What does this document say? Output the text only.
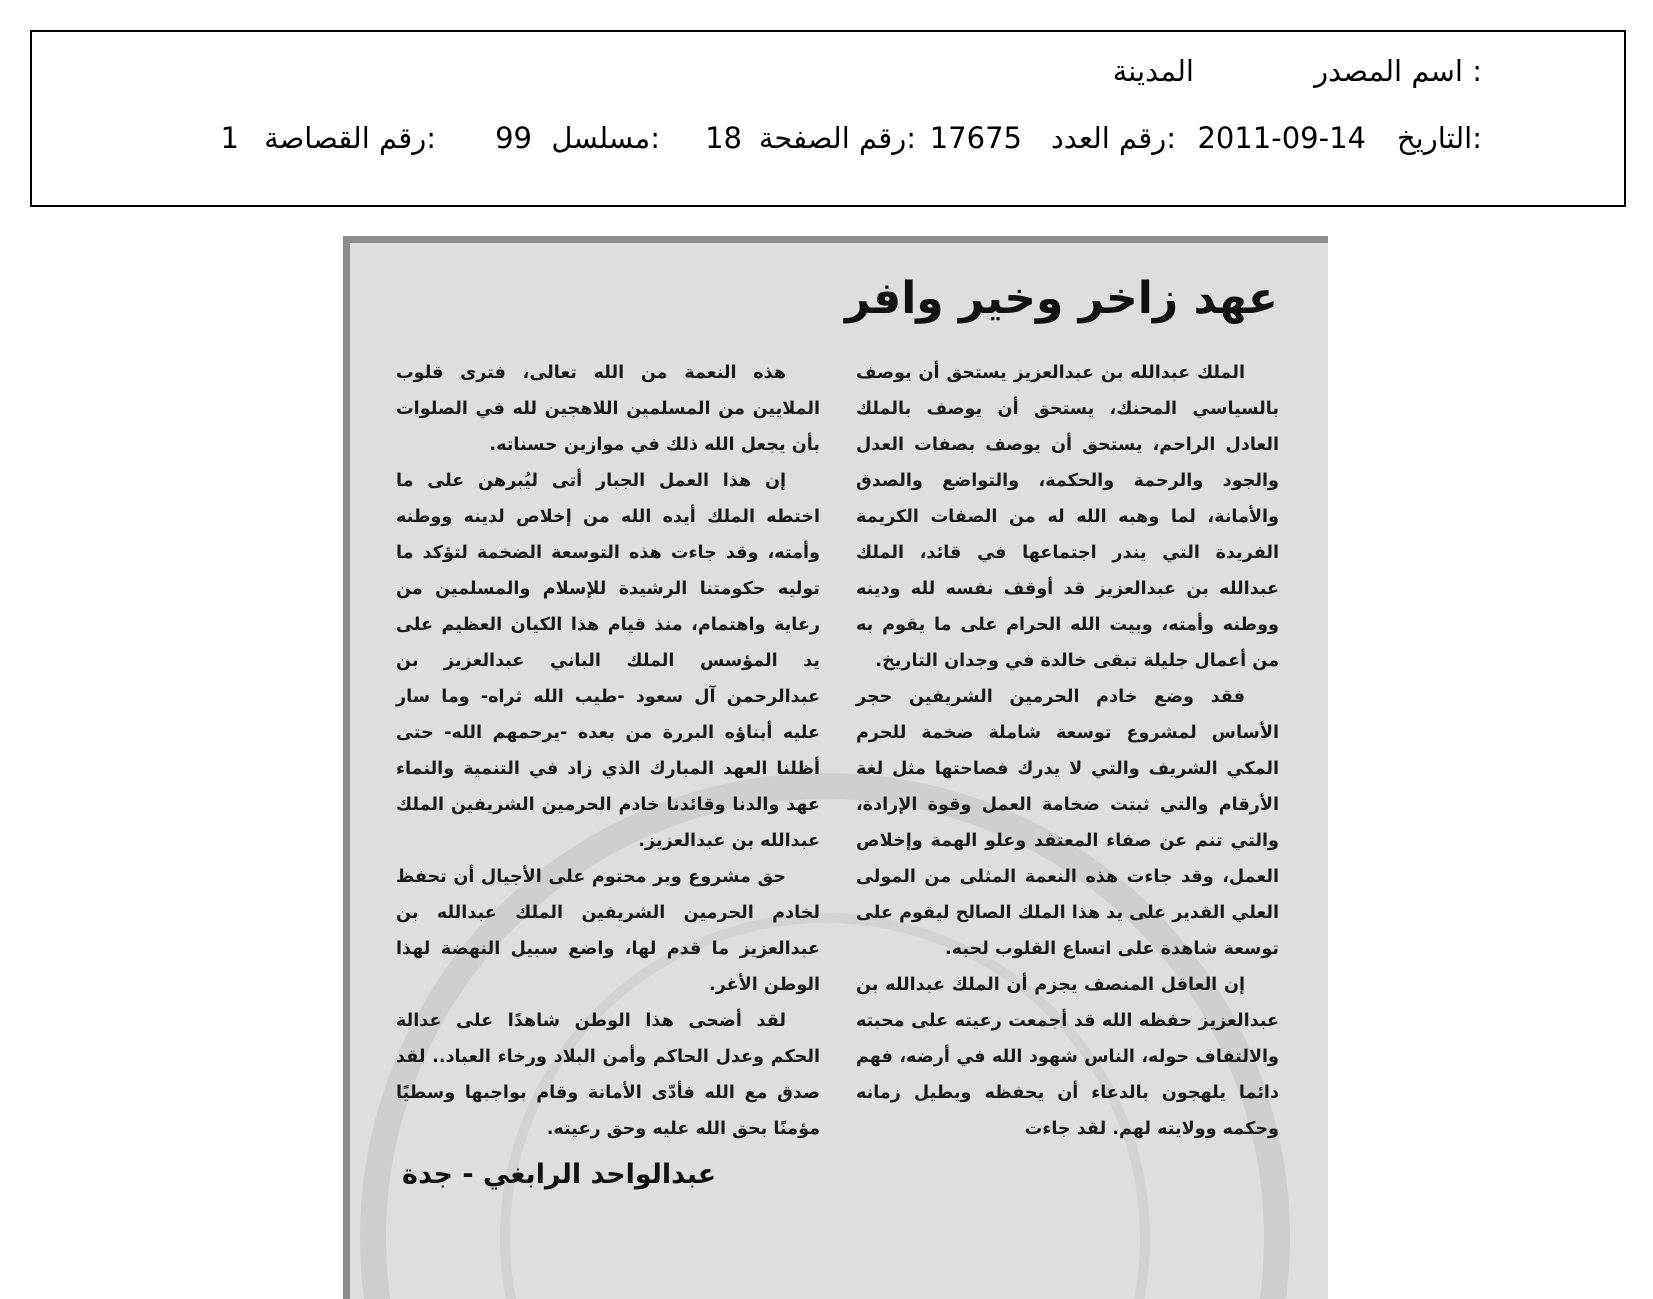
اسم المصدر :
المدينة
التاريخ:
2011-09-14
رقم العدد:
17675
رقم الصفحة:
18
مسلسل:
99
رقم القصاصة:
1
عهد زاخر وخير وافر

الملك عبدالله بن عبدالعزيز يستحق أن يوصف بالسياسي المحنك، يستحق أن يوصف بالملك العادل الراحم، يستحق أن يوصف بصفات العدل والجود والرحمة والحكمة، والتواضع والصدق والأمانة، لما وهبه الله له من الصفات الكريمة الفريدة التي يندر اجتماعها في قائد، الملك عبدالله بن عبدالعزيز قد أوقف نفسه لله ودينه ووطنه وأمته، وبيت الله الحرام على ما يقوم به من أعمال جليلة تبقى خالدة في وجدان التاريخ.

فقد وضع خادم الحرمين الشريفين حجر الأساس لمشروع توسعة شاملة ضخمة للحرم المكي الشريف والتي لا يدرك فصاحتها مثل لغة الأرقام والتي ثبتت ضخامة العمل وقوة الإرادة، والتي تنم عن صفاء المعتقد وعلو الهمة وإخلاص العمل، وقد جاءت هذه النعمة المثلى من المولى العلي القدير على يد هذا الملك الصالح ليقوم على توسعة شاهدة على اتساع القلوب لحبه.

إن العاقل المنصف يجزم أن الملك عبدالله بن عبدالعزيز حفظه الله قد أجمعت رعيته على محبته والالتفاف حوله، الناس شهود الله في أرضه، فهم دائما يلهجون بالدعاء أن يحفظه ويطيل زمانه وحكمه وولايته لهم. لقد جاءت

هذه النعمة من الله تعالى، فترى قلوب الملايين من المسلمين اللاهجين لله في الصلوات بأن يجعل الله ذلك في موازين حسناته.

إن هذا العمل الجبار أتى ليُبرهن على ما اختطه الملك أيده الله من إخلاص لدينه ووطنه وأمته، وقد جاءت هذه التوسعة الضخمة لتؤكد ما توليه حكومتنا الرشيدة للإسلام والمسلمين من رعاية واهتمام، منذ قيام هذا الكيان العظيم على يد المؤسس الملك الباني عبدالعزيز بن عبدالرحمن آل سعود -طيب الله ثراه- وما سار عليه أبناؤه البررة من بعده -يرحمهم الله- حتى أظلنا العهد المبارك الذي زاد في التنمية والنماء عهد والدنا وقائدنا خادم الحرمين الشريفين الملك عبدالله بن عبدالعزيز.

حق مشروع وبر محتوم على الأجيال أن تحفظ لخادم الحرمين الشريفين الملك عبدالله بن عبدالعزيز ما قدم لها، واضع سبيل النهضة لهذا الوطن الأغر.

لقد أضحى هذا الوطن شاهدًا على عدالة الحكم وعدل الحاكم وأمن البلاد ورخاء العباد.. لقد صدق مع الله فأدّى الأمانة وقام بواجبها وسطيًا مؤمنًا بحق الله عليه وحق رعيته.

عبدالواحد الرابغي - جدة
